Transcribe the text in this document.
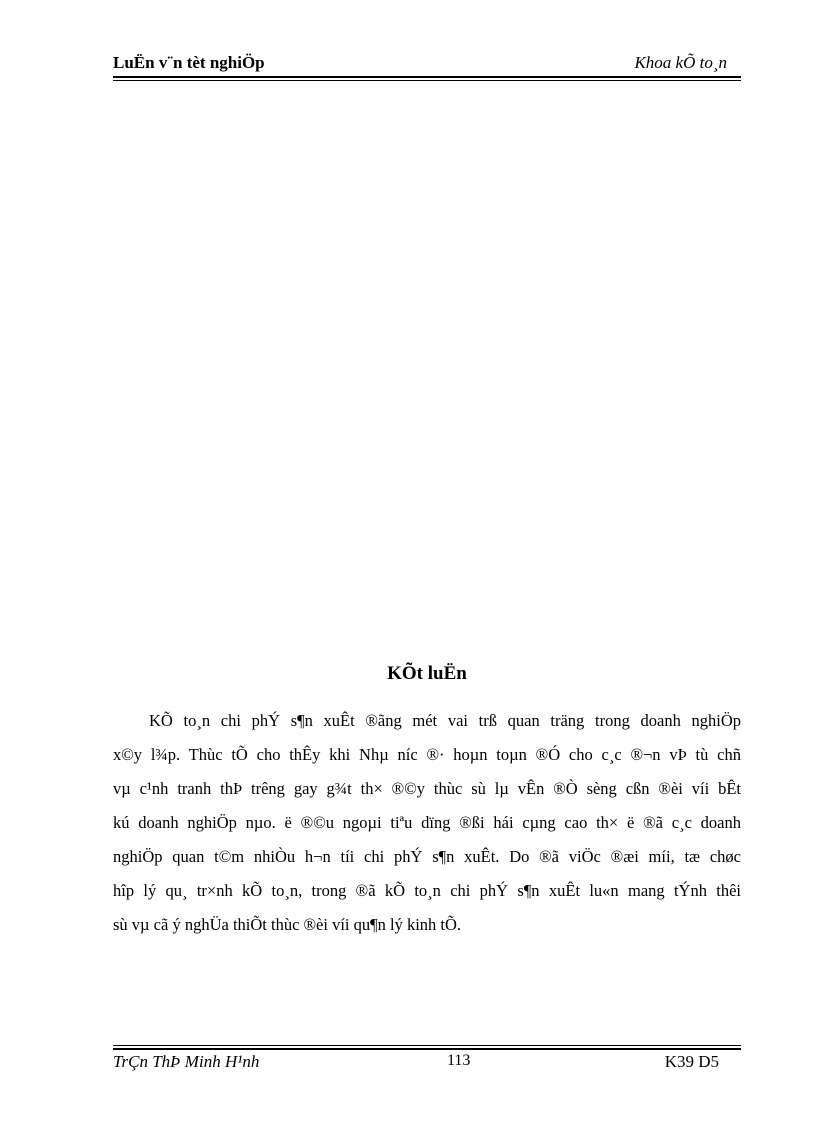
LuËn v¨n tèt nghiÖp	Khoa kÕ to¸n
KÕt luËn
KÕ to¸n chi phÝ s¶n xuÊt ®ãng mét vai trß quan träng trong doanh nghiÖp
x©y l¾p. Thùc tÕ cho thÊy khi Nhµ níc ®· hoµn toµn ®Ó cho c¸c ®¬n vÞ tù chñ
vµ c¹nh tranh thÞ trêng gay g¾t th× ®©y thùc sù lµ vÊn ®Ò sèng cßn ®èi víi bÊt
kú doanh nghiÖp nµo. ë ®©u ngoµi tiªu dïng ®ßi hái cµng cao th× ë ®ã c¸c doanh
nghiÖp quan t©m nhiÒu h¬n tíi chi phÝ s¶n xuÊt. Do ®ã viÖc ®æi míi, tæ chøc
hîp lý qu¸ tr×nh kÕ to¸n, trong ®ã kÕ to¸n chi phÝ s¶n xuÊt lu«n mang tÝnh thêi
sù vµ cã ý nghÜa thiÕt thùc ®èi víi qu¶n lý kinh tÕ.
TrÇn ThÞ Minh H¹nh	113	K39 D5
